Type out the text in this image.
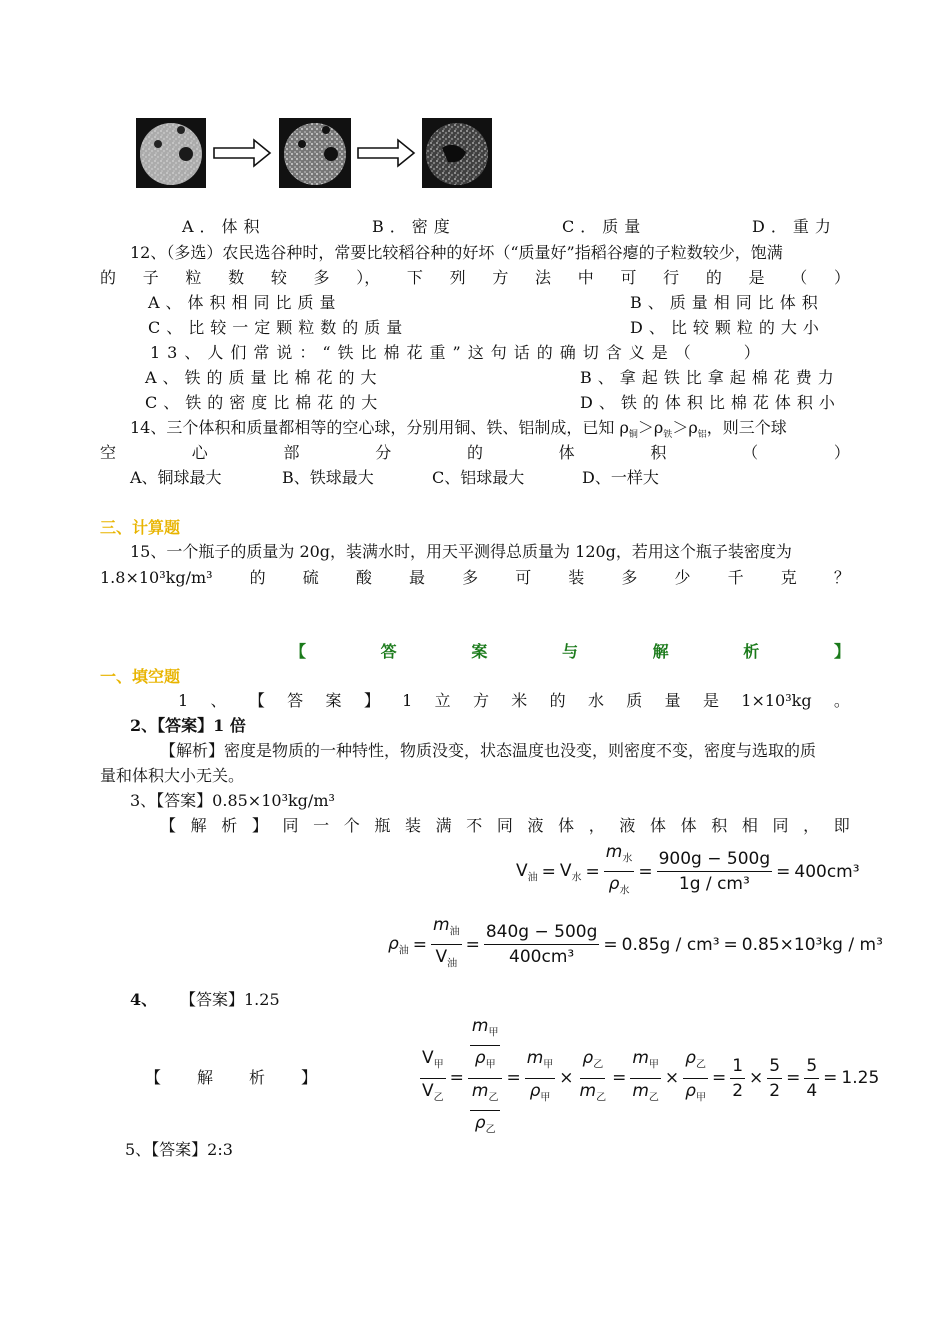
A．体积	B．密度	C．质量	D．重力
12、（多选）农民选谷种时，常要比较稻谷种的好坏（“质量好”指稻谷瘪的子粒数较少，饱满
的 子 粒 数 较 多 ）， 下 列 方 法 中 可 行 的 是 （ ）
A、体积相同比质量	B、质量相同比体积
C、比较一定颗粒数的质量	D、比较颗粒的大小
13、人们常说：“铁比棉花重”这句话的确切含义是（　　）
A、铁的质量比棉花的大	B、拿起铁比拿起棉花费力
C、铁的密度比棉花的大	D、铁的体积比棉花体积小
14、三个体积和质量都相等的空心球，分别用铜、铁、铝制成，已知 $\rho_铜>\rho_铁>\rho_铝$，则三个球
空	心	部	分	的	体	积	（	）
A、铜球最大	B、铁球最大	C、铝球最大	D、一样大
三、计算题
15、一个瓶子的质量为 20g，装满水时，用天平测得总质量为 120g，若用这个瓶子装密度为
1.8×10³kg/m³ 的 硫 酸 最 多 可 装 多 少 千 克 ？
【	答	案	与	解	析	】
一、填空题
1 、 【 答 案 】 1 立 方 米 的 水 质 量 是 1×10³kg 。
2、【答案】1 倍
【解析】密度是物质的一种特性，物质没变，状态温度也没变，则密度不变，密度与选取的质
量和体积大小无关。
3、【答案】0.85×10³kg/m³
【 解 析 】 同 一 个 瓶 装 满 不 同 液 体 ， 液 体 体 积 相 同 ， 即
$V_油 = V_水 = \frac{m_水}{\rho_水} = \frac{900g - 500g}{\text{1g / cm³}} = 400cm^3$
$\rho_油 = \frac{m_油}{V_油} = \frac{840g - 500g}{\text{400cm³}} = 0.85g / cm^3 = 0.85\times 10^3kg / m^3$
4、 【答案】1.25
【 解 析 】	$\frac{V_甲}{V_乙} = \frac{\frac{m_甲}{\rho_甲}}{\frac{m_乙}{\rho_乙}} = \frac{m_甲}{\rho_甲} \times \frac{\rho_乙}{m_乙} = \frac{m_甲}{m_乙} \times \frac{\rho_乙}{\rho_甲} = \frac{1}{2} \times \frac{5}{2} = \frac{5}{4} = 1.25$
5、【答案】2:3
